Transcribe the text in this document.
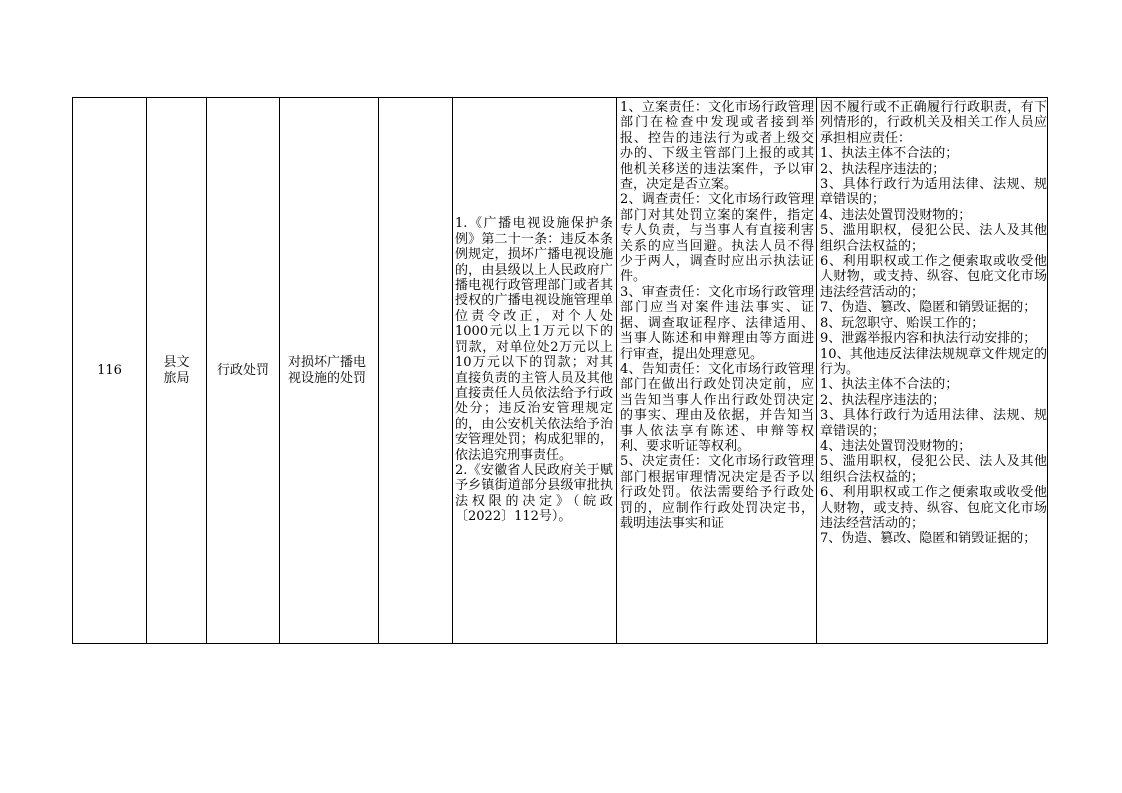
116
县文旅局
行政处罚
对损坏广播电视设施的处罚

1.《广播电视设施保护条例》第二十一条：违反本条例规定，损坏广播电视设施的，由县级以上人民政府广播电视行政管理部门或者其授权的广播电视设施管理单位责令改正，对个人处1000元以上1万元以下的罚款，对单位处2万元以上10万元以下的罚款；对其直接负责的主管人员及其他直接责任人员依法给予行政处分；违反治安管理规定的，由公安机关依法给予治安管理处罚；构成犯罪的，依法追究刑事责任。

2.《安徽省人民政府关于赋予乡镇街道部分县级审批执法权限的决定》（皖政〔2022〕112号）。

1、立案责任：文化市场行政管理部门在检查中发现或者接到举报、控告的违法行为或者上级交办的、下级主管部门上报的或其他机关移送的违法案件，予以审查，决定是否立案。

2、调查责任：文化市场行政管理部门对其处罚立案的案件，指定专人负责，与当事人有直接利害关系的应当回避。执法人员不得少于两人，调查时应出示执法证件。

3、审查责任：文化市场行政管理部门应当对案件违法事实、证据、调查取证程序、法律适用、当事人陈述和申辩理由等方面进行审查，提出处理意见。

4、告知责任：文化市场行政管理部门在做出行政处罚决定前，应当告知当事人作出行政处罚决定的事实、理由及依据，并告知当事人依法享有陈述、申辩等权利、要求听证等权利。

5、决定责任：文化市场行政管理部门根据审理情况决定是否予以行政处罚。依法需要给予行政处罚的，应制作行政处罚决定书，载明违法事实和证

因不履行或不正确履行行政职责，有下列情形的，行政机关及相关工作人员应承担相应责任：

1、执法主体不合法的；

2、执法程序违法的；

3、具体行政行为适用法律、法规、规章错误的；

4、违法处置罚没财物的；

5、滥用职权，侵犯公民、法人及其他组织合法权益的；

6、利用职权或工作之便索取或收受他人财物，或支持、纵容、包庇文化市场违法经营活动的；

7、伪造、篡改、隐匿和销毁证据的；

8、玩忽职守、贻误工作的；

9、泄露举报内容和执法行动安排的；

10、其他违反法律法规规章文件规定的行为。

1、执法主体不合法的；

2、执法程序违法的；

3、具体行政行为适用法律、法规、规章错误的；

4、违法处置罚没财物的；

5、滥用职权，侵犯公民、法人及其他组织合法权益的；

6、利用职权或工作之便索取或收受他人财物，或支持、纵容、包庇文化市场违法经营活动的；

7、伪造、篡改、隐匿和销毁证据的；
